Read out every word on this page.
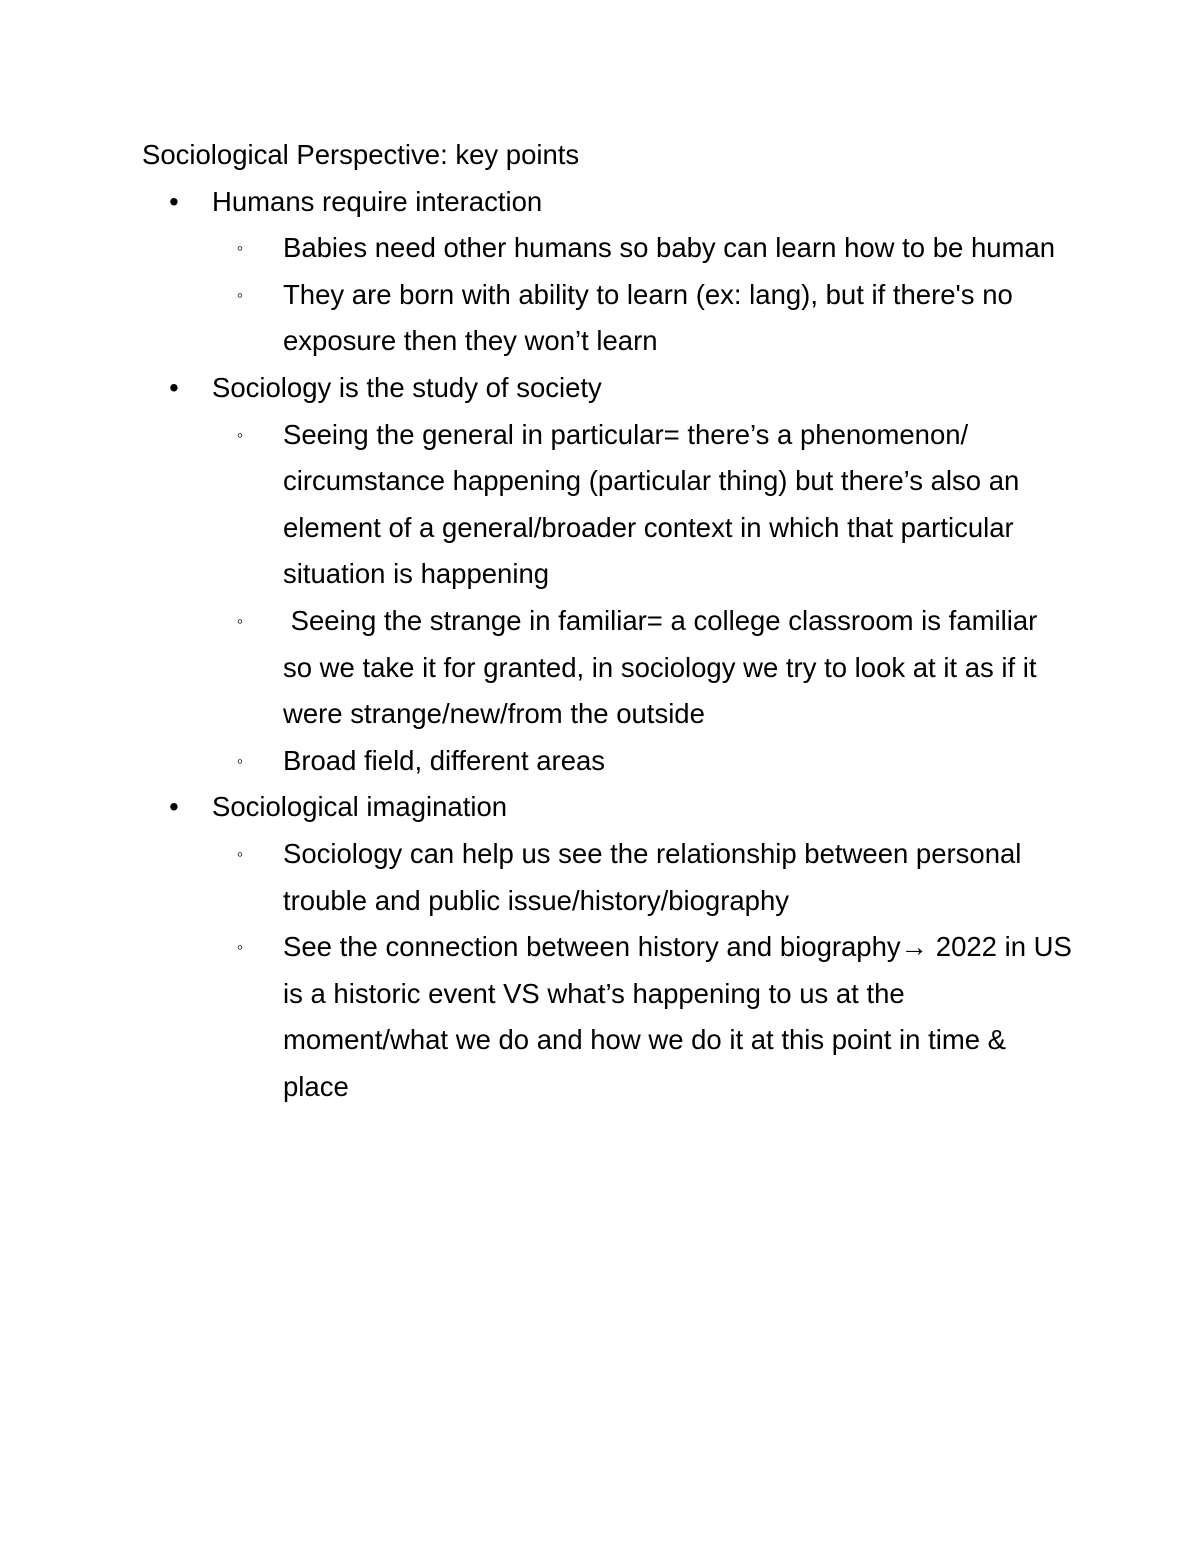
Sociological Perspective: key points
• Humans require interaction
◦ Babies need other humans so baby can learn how to be human
◦ They are born with ability to learn (ex: lang), but if there's no exposure then they won’t learn
• Sociology is the study of society
◦ Seeing the general in particular= there’s a phenomenon/ circumstance happening (particular thing) but there’s also an element of a general/broader context in which that particular situation is happening
◦ Seeing the strange in familiar= a college classroom is familiar so we take it for granted, in sociology we try to look at it as if it were strange/new/from the outside
◦ Broad field, different areas
• Sociological imagination
◦ Sociology can help us see the relationship between personal trouble and public issue/history/biography
◦ See the connection between history and biography→ 2022 in US is a historic event VS what’s happening to us at the moment/what we do and how we do it at this point in time & place
